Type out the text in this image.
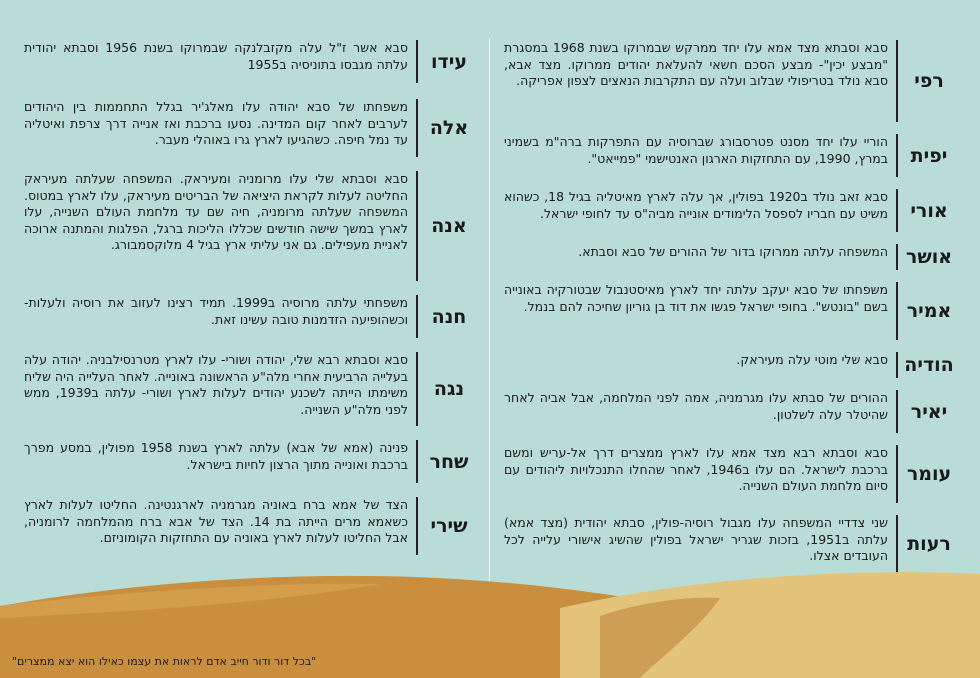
רפי
סבא וסבתא מצד אמא עלו יחד ממרקש שבמרוקו בשנת 1968 במסגרת "מבצע יכין"- מבצע הסכם חשאי להעלאת יהודים ממרוקו. מצד אבא, סבא נולד בטריפולי שבלוב ועלה עם התקרבות הנאצים לצפון אפריקה.
יפית
הוריי עלו יחד מסנט פטרסבורג שברוסיה עם התפרקות ברה"מ בשמיני במרץ, 1990, עם התחזקות הארגון האנטישמי "פמייאט".
אורי
סבא זאב נולד ב1920 בפולין, אך עלה לארץ מאיטליה בגיל 18, כשהוא משיט עם חבריו לספסל הלימודים אונייה מביה"ס עד לחופי ישראל.
אושר
המשפחה עלתה ממרוקו בדור של ההורים של סבא וסבתא.
אמיר
משפחתו של סבא יעקב עלתה יחד לארץ מאיסטנבול שבטורקיה באונייה בשם "בונטש". בחופי ישראל פגשו את דוד בן גוריון שחיכה להם בנמל.
הודיה
סבא שלי מוטי עלה מעיראק.
יאיר
ההורים של סבתא עלו מגרמניה, אמה לפני המלחמה, אבל אביה לאחר שהיטלר עלה לשלטון.
עומר
סבא וסבתא רבא מצד אמא עלו לארץ ממצרים דרך אל-עריש ומשם ברכבת לישראל. הם עלו ב1946, לאחר שהחלו התנכלויות ליהודים עם סיום מלחמת העולם השנייה.
רעות
שני צדדיי המשפחה עלו מגבול רוסיה-פולין, סבתא יהודית (מצד אמא) עלתה ב1951, בזכות שגריר ישראל בפולין שהשיג אישורי עלייה לכל העובדים אצלו.
עידו
סבא אשר ז"ל עלה מקזבלנקה שבמרוקו בשנת 1956 וסבתא יהודית עלתה מגבסו בתוניסיה ב1955
אלה
משפחתו של סבא יהודה עלו מאלג'יר בגלל התחממות בין היהודים לערבים לאחר קום המדינה. נסעו ברכבת ואז אנייה דרך צרפת ואיטליה עד נמל חיפה. כשהגיעו לארץ גרו באוהלי מעבר.
אנה
סבא וסבתא שלי עלו מרומניה ומעיראק. המשפחה שעלתה מעיראק החליטה לעלות לקראת היציאה של הבריטים מעיראק, עלו לארץ במטוס. המשפחה שעלתה מרומניה, חיה שם עד מלחמת העולם השנייה, עלו לארץ במשך שישה חודשים שכללו הליכות ברגל, הפלגות והמתנה ארוכה לאניית מעפילים. גם אני עליתי ארץ בגיל 4 מלוקסמבורג.
חנה
משפחתי עלתה מרוסיה ב1999. תמיד רצינו לעזוב את רוסיה ולעלות- וכשהופיעה הזדמנות טובה עשינו זאת.
נגה
סבא וסבתא רבא שלי, יהודה ושורי- עלו לארץ מטרנסילבניה. יהודה עלה בעלייה הרביעית אחרי מלה"ע הראשונה באונייה. לאחר העלייה היה שליח משימתו הייתה לשכנע יהודים לעלות לארץ ושורי- עלתה ב1939, ממש לפני מלה"ע השנייה.
שחר
פנינה (אמא של אבא) עלתה לארץ בשנת 1958 מפולין, במסע מפרך ברכבת ואונייה מתוך הרצון לחיות בישראל.
שירי
הצד של אמא ברח באוניה מגרמניה לארגנטינה. החליטו לעלות לארץ כשאמא מרים הייתה בת 14. הצד של אבא ברח מהמלחמה לרומניה, אבל החליטו לעלות לארץ באוניה עם התחזקות הקומוניזם.
"בכל דור ודור חייב אדם לראות את עצמו כאילו הוא יצא ממצרים"
